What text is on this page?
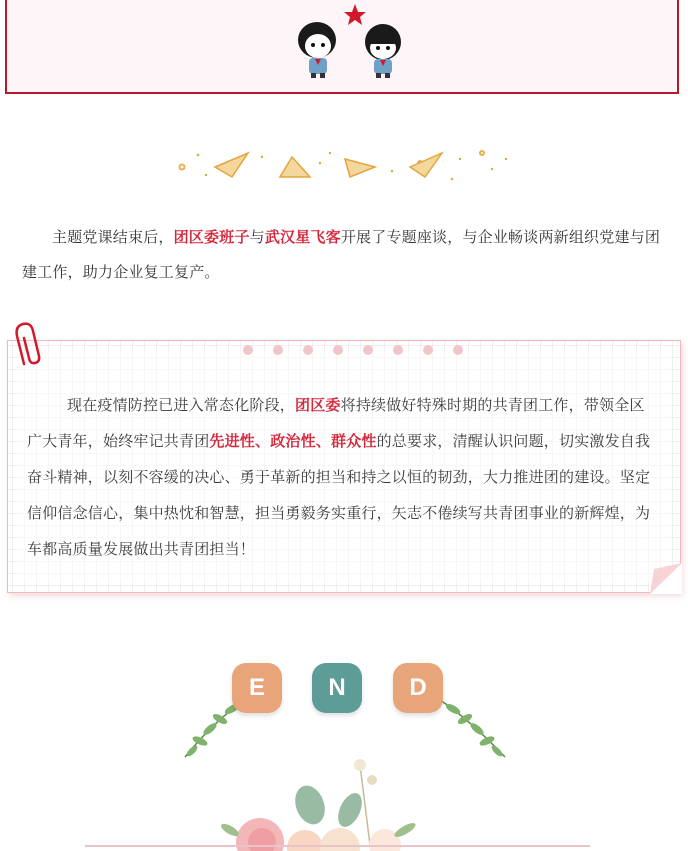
主题党课结束后，团区委班子与武汉星飞客开展了专题座谈，与企业畅谈两新组织党建与团建工作，助力企业复工复产。

现在疫情防控已进入常态化阶段，团区委将持续做好特殊时期的共青团工作，带领全区广大青年，始终牢记共青团先进性、政治性、群众性的总要求，清醒认识问题，切实激发自我奋斗精神，以刻不容缓的决心、勇于革新的担当和持之以恒的韧劲，大力推进团的建设。坚定信仰信念信心，集中热忱和智慧，担当勇毅务实重行，矢志不倦续写共青团事业的新辉煌，为车都高质量发展做出共青团担当！

E	N	D
